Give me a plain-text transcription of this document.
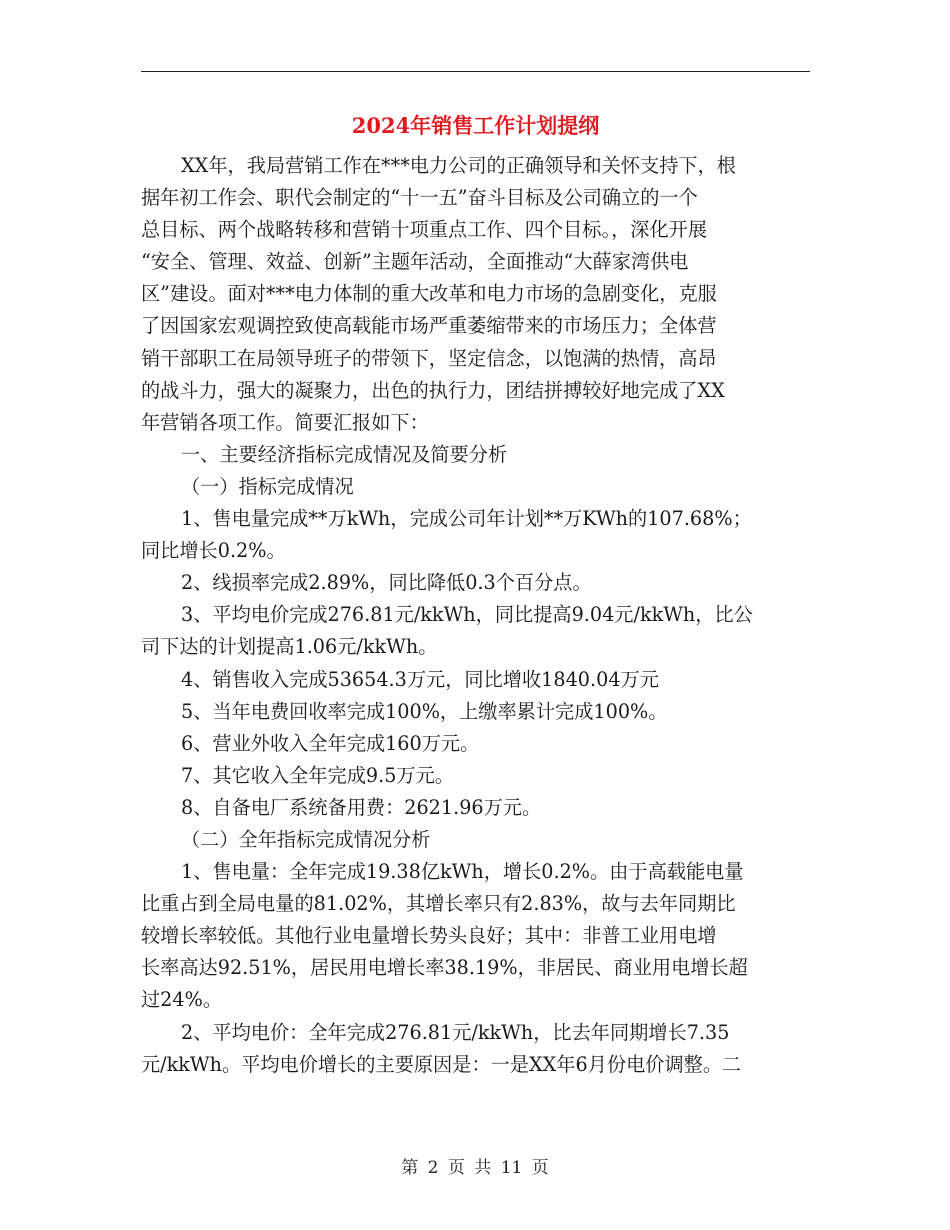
2024年销售工作计划提纲
XX年，我局营销工作在***电力公司的正确领导和关怀支持下，根
据年初工作会、职代会制定的“十一五”奋斗目标及公司确立的一个
总目标、两个战略转移和营销十项重点工作、四个目标。，深化开展
“安全、管理、效益、创新”主题年活动，全面推动“大薛家湾供电
区”建设。面对***电力体制的重大改革和电力市场的急剧变化，克服
了因国家宏观调控致使高载能市场严重萎缩带来的市场压力；全体营
销干部职工在局领导班子的带领下，坚定信念，以饱满的热情，高昂
的战斗力，强大的凝聚力，出色的执行力，团结拼搏较好地完成了XX
年营销各项工作。简要汇报如下：
一、主要经济指标完成情况及简要分析
（一）指标完成情况
1、售电量完成**万kWh，完成公司年计划**万KWh的107.68%；
同比增长0.2%。
2、线损率完成2.89%，同比降低0.3个百分点。
3、平均电价完成276.81元/kkWh，同比提高9.04元/kkWh，比公
司下达的计划提高1.06元/kkWh。
4、销售收入完成53654.3万元，同比增收1840.04万元
5、当年电费回收率完成100%，上缴率累计完成100%。
6、营业外收入全年完成160万元。
7、其它收入全年完成9.5万元。
8、自备电厂系统备用费：2621.96万元。
（二）全年指标完成情况分析
1、售电量：全年完成19.38亿kWh，增长0.2%。由于高载能电量
比重占到全局电量的81.02%，其增长率只有2.83%，故与去年同期比
较增长率较低。其他行业电量增长势头良好；其中：非普工业用电增
长率高达92.51%，居民用电增长率38.19%，非居民、商业用电增长超
过24%。
2、平均电价：全年完成276.81元/kkWh，比去年同期增长7.35
元/kkWh。平均电价增长的主要原因是：一是XX年6月份电价调整。二
第 2 页 共 11 页
